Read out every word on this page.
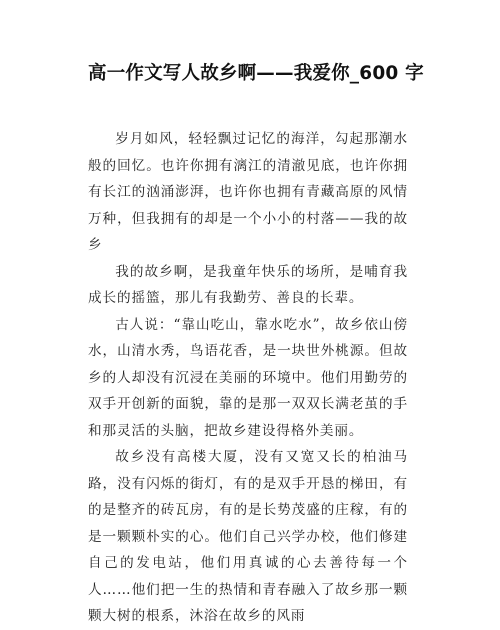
高一作文写人故乡啊——我爱你_600 字

岁月如风，轻轻飘过记忆的海洋，勾起那潮水般的回忆。也许你拥有漓江的清澈见底，也许你拥有长江的汹涌澎湃，也许你也拥有青藏高原的风情万种，但我拥有的却是一个小小的村落——我的故乡

我的故乡啊，是我童年快乐的场所，是哺育我成长的摇篮，那儿有我勤劳、善良的长辈。

古人说：“靠山吃山，靠水吃水”，故乡依山傍水，山清水秀，鸟语花香，是一块世外桃源。但故乡的人却没有沉浸在美丽的环境中。他们用勤劳的双手开创新的面貌，靠的是那一双双长满老茧的手和那灵活的头脑，把故乡建设得格外美丽。

故乡没有高楼大厦，没有又宽又长的柏油马路，没有闪烁的街灯，有的是双手开恳的梯田，有的是整齐的砖瓦房，有的是长势茂盛的庄稼，有的是一颗颗朴实的心。他们自己兴学办校，他们修建自己的发电站，他们用真诚的心去善待每一个人……他们把一生的热情和青春融入了故乡那一颗颗大树的根系，沐浴在故乡的风雨
